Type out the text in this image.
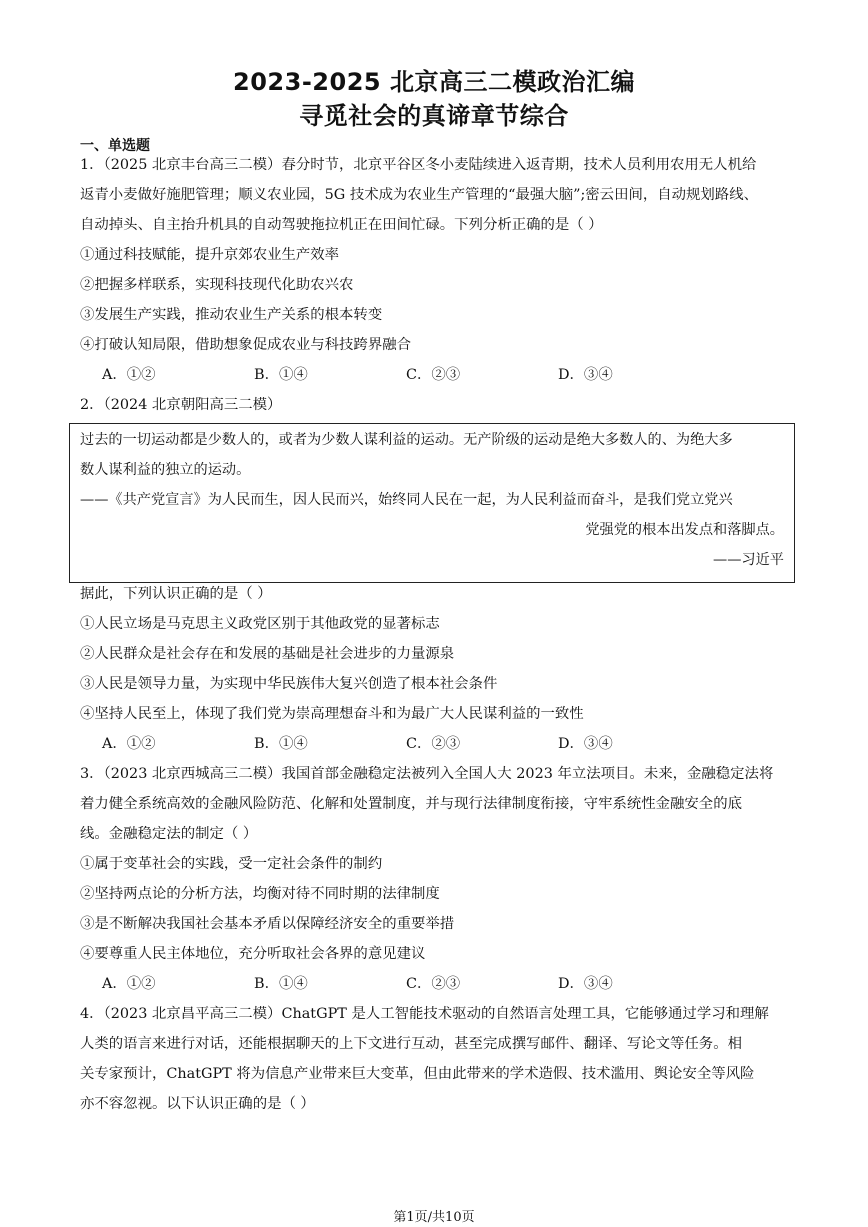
2023-2025 北京高三二模政治汇编
寻觅社会的真谛章节综合
一、单选题
1．（2025 北京丰台高三二模）春分时节，北京平谷区冬小麦陆续进入返青期，技术人员利用农用无人机给
返青小麦做好施肥管理；顺义农业园，5G 技术成为农业生产管理的“最强大脑”;密云田间，自动规划路线、
自动掉头、自主抬升机具的自动驾驶拖拉机正在田间忙碌。下列分析正确的是（ ）
①通过科技赋能，提升京郊农业生产效率
②把握多样联系，实现科技现代化助农兴农
③发展生产实践，推动农业生产关系的根本转变
④打破认知局限，借助想象促成农业与科技跨界融合
A．①②	B．①④	C．②③	D．③④
2．（2024 北京朝阳高三二模）
过去的一切运动都是少数人的，或者为少数人谋利益的运动。无产阶级的运动是绝大多数人的、为绝大多
数人谋利益的独立的运动。
——《共产党宣言》为人民而生，因人民而兴，始终同人民在一起，为人民利益而奋斗，是我们党立党兴
党强党的根本出发点和落脚点。
——习近平
据此，下列认识正确的是（ ）
①人民立场是马克思主义政党区别于其他政党的显著标志
②人民群众是社会存在和发展的基础是社会进步的力量源泉
③人民是领导力量，为实现中华民族伟大复兴创造了根本社会条件
④坚持人民至上，体现了我们党为崇高理想奋斗和为最广大人民谋利益的一致性
A．①②	B．①④	C．②③	D．③④
3．（2023 北京西城高三二模）我国首部金融稳定法被列入全国人大 2023 年立法项目。未来，金融稳定法将
着力健全系统高效的金融风险防范、化解和处置制度，并与现行法律制度衔接，守牢系统性金融安全的底
线。金融稳定法的制定（ ）
①属于变革社会的实践，受一定社会条件的制约
②坚持两点论的分析方法，均衡对待不同时期的法律制度
③是不断解决我国社会基本矛盾以保障经济安全的重要举措
④要尊重人民主体地位，充分听取社会各界的意见建议
A．①②	B．①④	C．②③	D．③④
4．（2023 北京昌平高三二模）ChatGPT 是人工智能技术驱动的自然语言处理工具，它能够通过学习和理解
人类的语言来进行对话，还能根据聊天的上下文进行互动，甚至完成撰写邮件、翻译、写论文等任务。相
关专家预计，ChatGPT 将为信息产业带来巨大变革，但由此带来的学术造假、技术滥用、舆论安全等风险
亦不容忽视。以下认识正确的是（ ）
第1页/共10页
